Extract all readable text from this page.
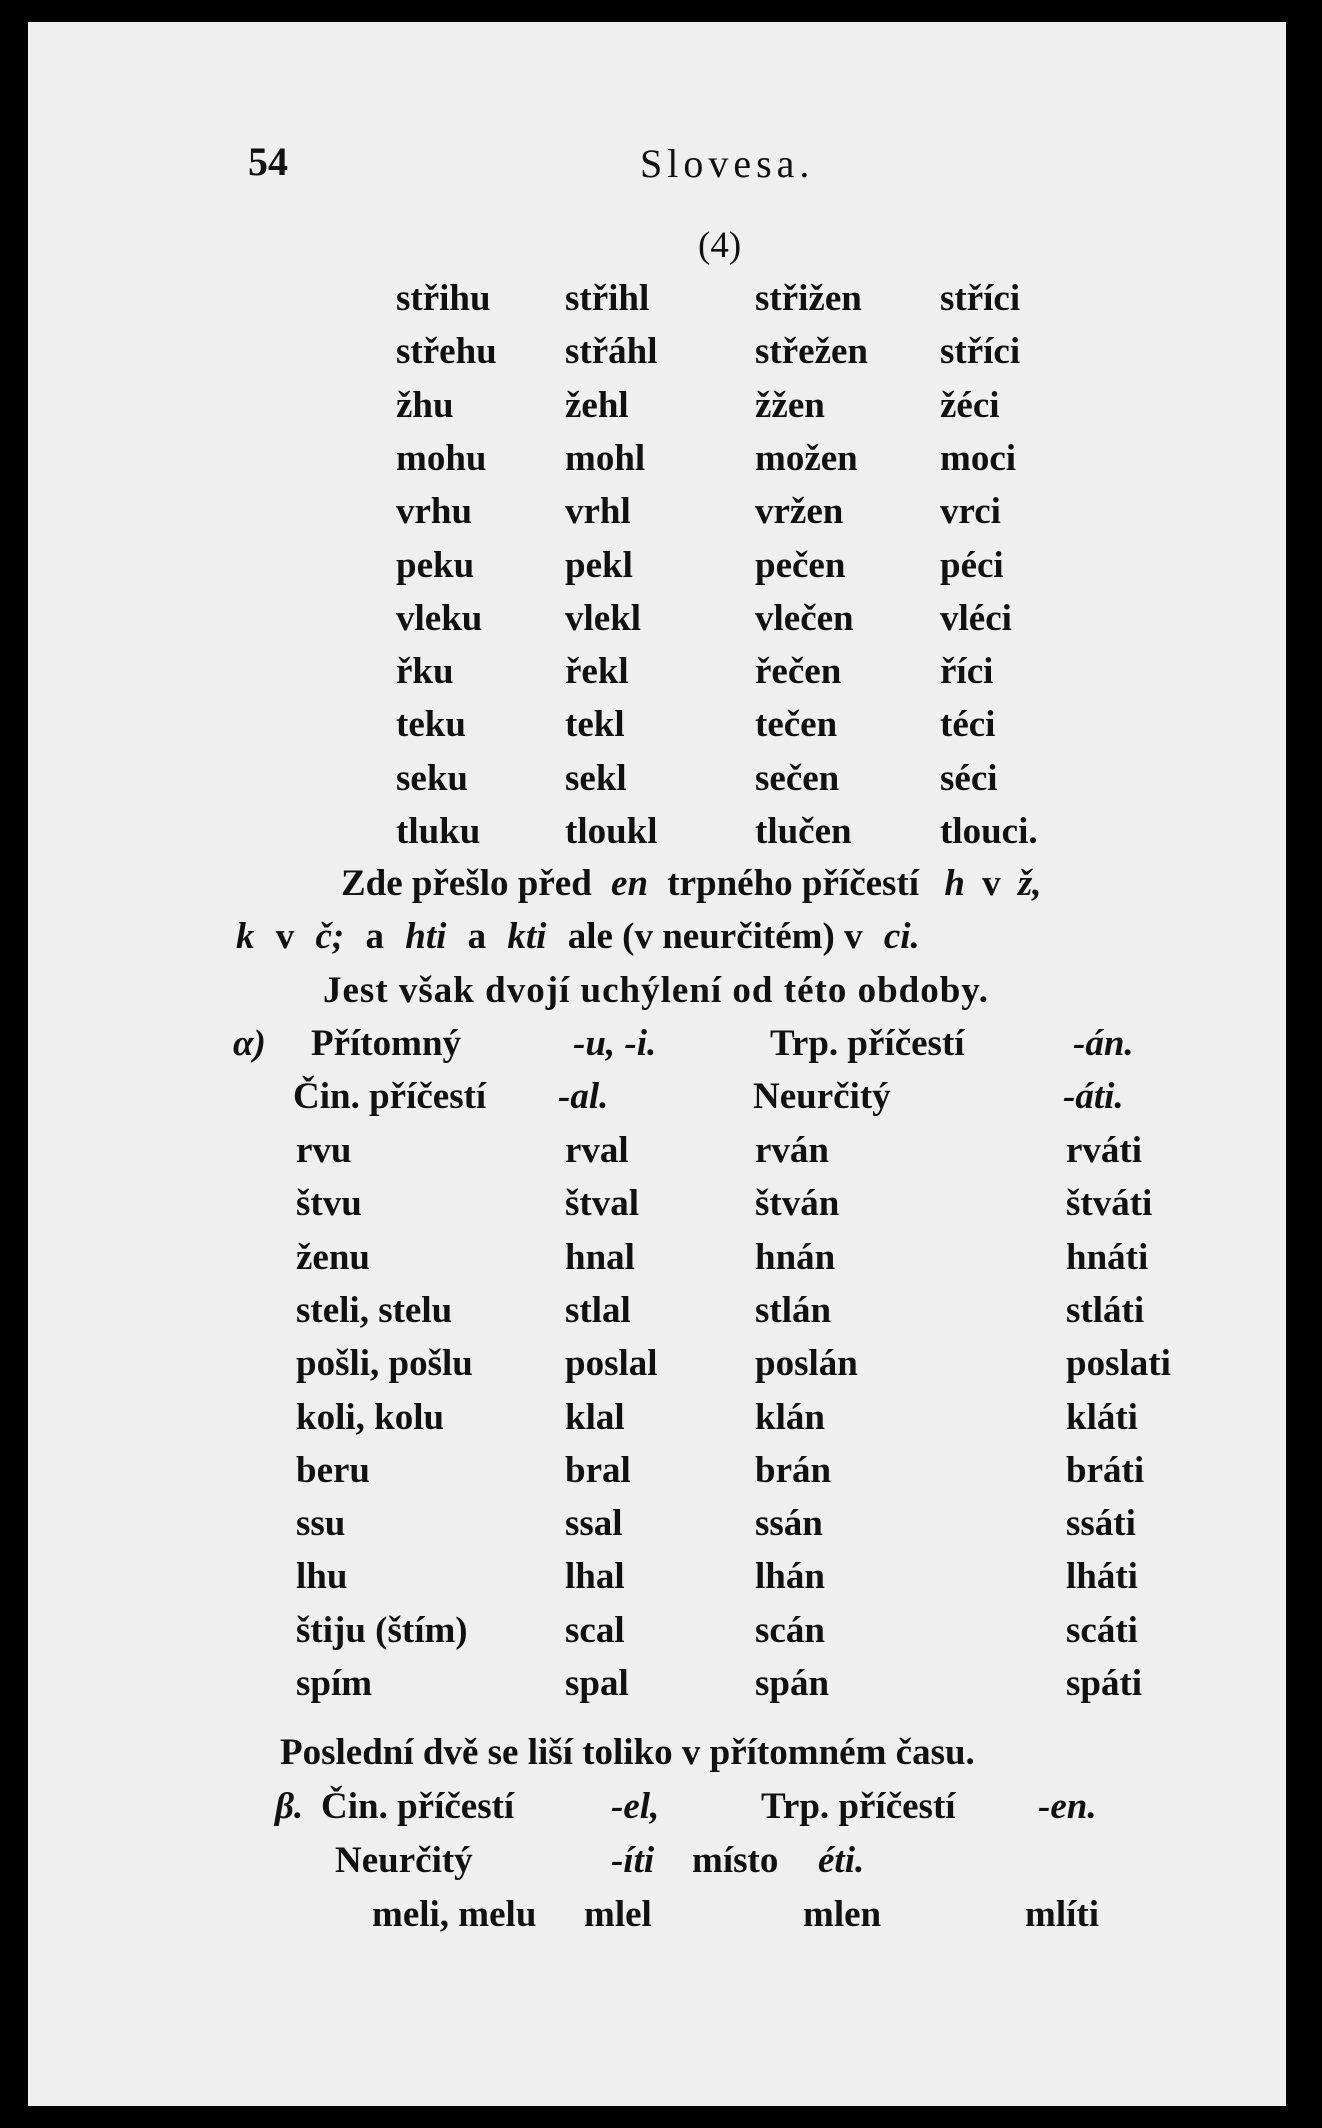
54	Slovesa.
(4)
střihu střihl	střižen stříci
střehu střáhl	střežen stříci
žhu	žehl	žžen	žéci
mohu mohl	možen moci
vrhu	vrhl	vržen	vrci
peku pekl	pečen	péci
vleku vlekl	vlečen vléci
řku	řekl	řečen	říci
teku	tekl	tečen	téci
seku	sekl	sečen	séci
tluku tloukl	tlučen tlouci.
Zde přešlo před en trpného příčestí h v ž,
k v č; a hti a kti ale (v neurčitém) v ci.
Jest však dvojí uchýlení od této obdoby.
α) Přítomný	-u, -i.	Trp. příčestí	-án.
Čin. příčestí -al.	Neurčitý	-áti.
rvu	rval	rván	rváti
štvu	štval	štván	štváti
ženu	hnal	hnán	hnáti
steli, stelu	stlal	stlán	stláti
pošli, pošlu poslal	poslán	poslati
koli, kolu	klal	klán	kláti
beru	bral	brán	bráti
ssu	ssal	ssán	ssáti
lhu	lhal	lhán	lháti
štiju (štím)	scal	scán	scáti
spím	spal	spán	spáti
Poslední dvě se liší toliko v přítomném času.
β. Čin. příčestí	-el,	Trp. příčestí -en.
Neurčitý	-íti místo éti.
meli, melu mlel	mlen	mlíti
